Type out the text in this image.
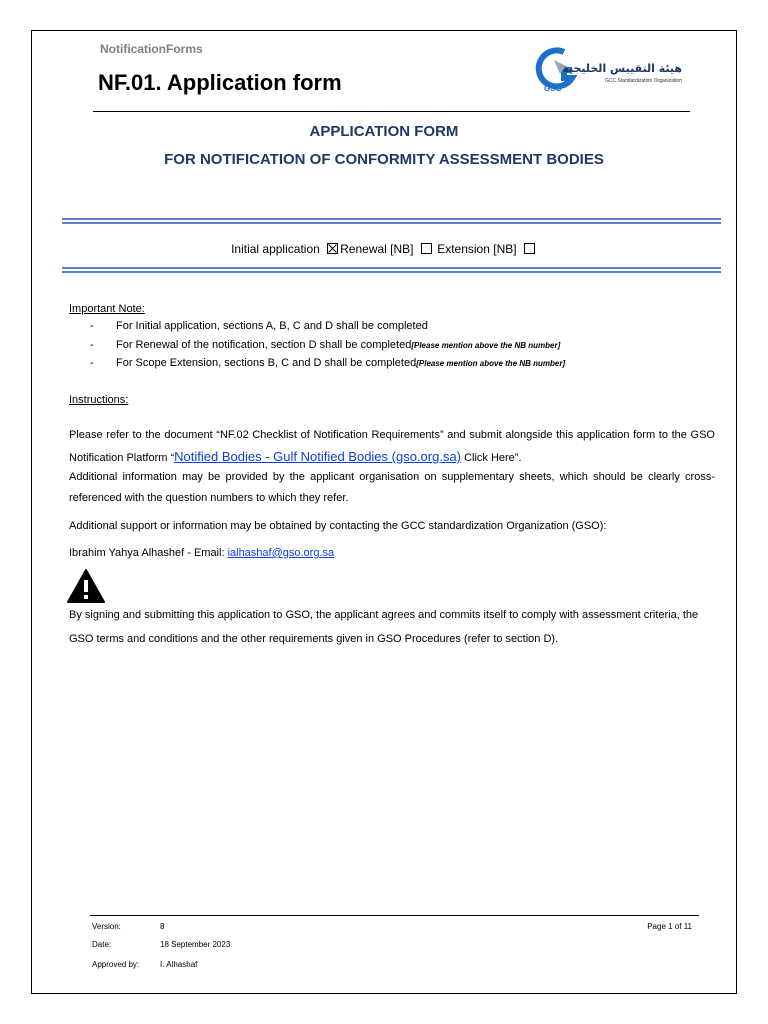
NotificationForms
NF.01. Application form	GSO
هيئة التقييس الخليجية
GCC Standardization Organization
APPLICATION FORM
FOR NOTIFICATION OF CONFORMITY ASSESSMENT BODIES
Initial application Renewal [NB] Extension [NB]
Important Note:
- For Initial application, sections A, B, C and D shall be completed
- For Renewal of the notification, section D shall be completed[Please mention above the NB number]
- For Scope Extension, sections B, C and D shall be completed[Please mention above the NB number]
Instructions:
Please refer to the document “NF.02 Checklist of Notification Requirements” and submit alongside this application form to the GSO Notification Platform “Notified Bodies - Gulf Notified Bodies (gso.org.sa) Click Here”.
Additional information may be provided by the applicant organisation on supplementary sheets, which should be clearly cross-referenced with the question numbers to which they refer.
Additional support or information may be obtained by contacting the GCC standardization Organization (GSO):
Ibrahim Yahya Alhashef - Email: ialhashaf@gso.org.sa
By signing and submitting this application to GSO, the applicant agrees and commits itself to comply with assessment criteria, the GSO terms and conditions and the other requirements given in GSO Procedures (refer to section D).
Version:	8
Date:	18 September 2023
Approved by:	I. Alhashaf
Page 1 of 11
